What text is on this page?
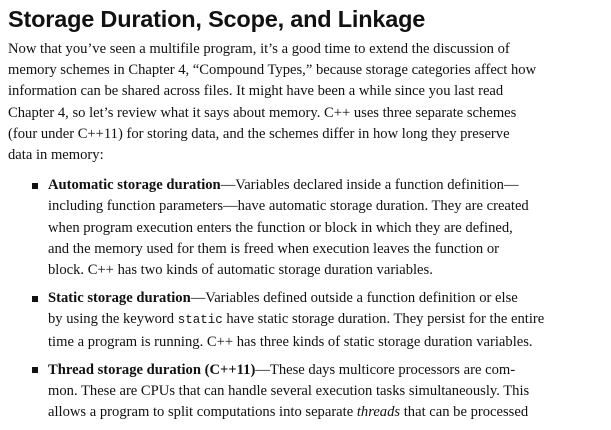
Storage Duration, Scope, and Linkage

Now that you’ve seen a multifile program, it’s a good time to extend the discussion of
memory schemes in Chapter 4, “Compound Types,” because storage categories affect how
information can be shared across files. It might have been a while since you last read
Chapter 4, so let’s review what it says about memory. C++ uses three separate schemes
(four under C++11) for storing data, and the schemes differ in how long they preserve
data in memory:

Automatic storage duration—Variables declared inside a function definition—
including function parameters—have automatic storage duration. They are created
when program execution enters the function or block in which they are defined,
and the memory used for them is freed when execution leaves the function or
block. C++ has two kinds of automatic storage duration variables.
Static storage duration—Variables defined outside a function definition or else
by using the keyword static have static storage duration. They persist for the entire
time a program is running. C++ has three kinds of static storage duration variables.
Thread storage duration (C++11)—These days multicore processors are com-
mon. These are CPUs that can handle several execution tasks simultaneously. This
allows a program to split computations into separate threads that can be processed
